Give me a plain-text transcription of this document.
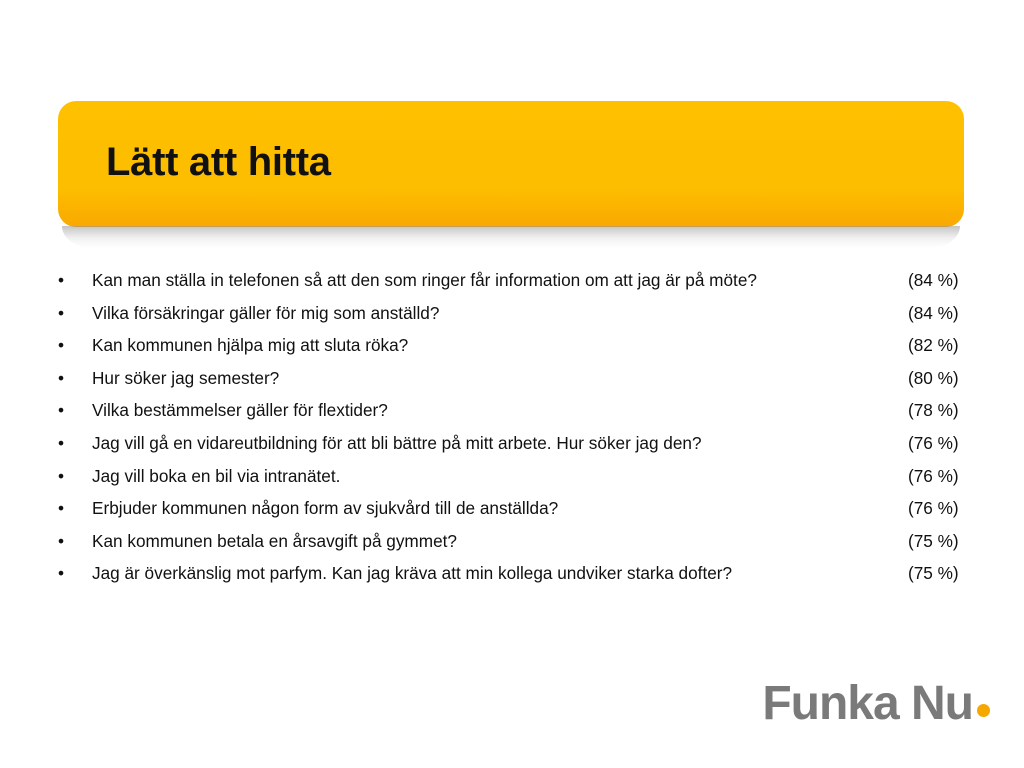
Lätt att hitta
• Kan man ställa in telefonen så att den som ringer får information om att jag är på möte?	(84 %)
• Vilka försäkringar gäller för mig som anställd?	(84 %)
• Kan kommunen hjälpa mig att sluta röka?	(82 %)
• Hur söker jag semester?	(80 %)
• Vilka bestämmelser gäller för flextider?	(78 %)
• Jag vill gå en vidareutbildning för att bli bättre på mitt arbete. Hur söker jag den?	(76 %)
• Jag vill boka en bil via intranätet.	(76 %)
• Erbjuder kommunen någon form av sjukvård till de anställda?	(76 %)
• Kan kommunen betala en årsavgift på gymmet?	(75 %)
• Jag är överkänslig mot parfym. Kan jag kräva att min kollega undviker starka dofter?	(75 %)
Funka Nu
